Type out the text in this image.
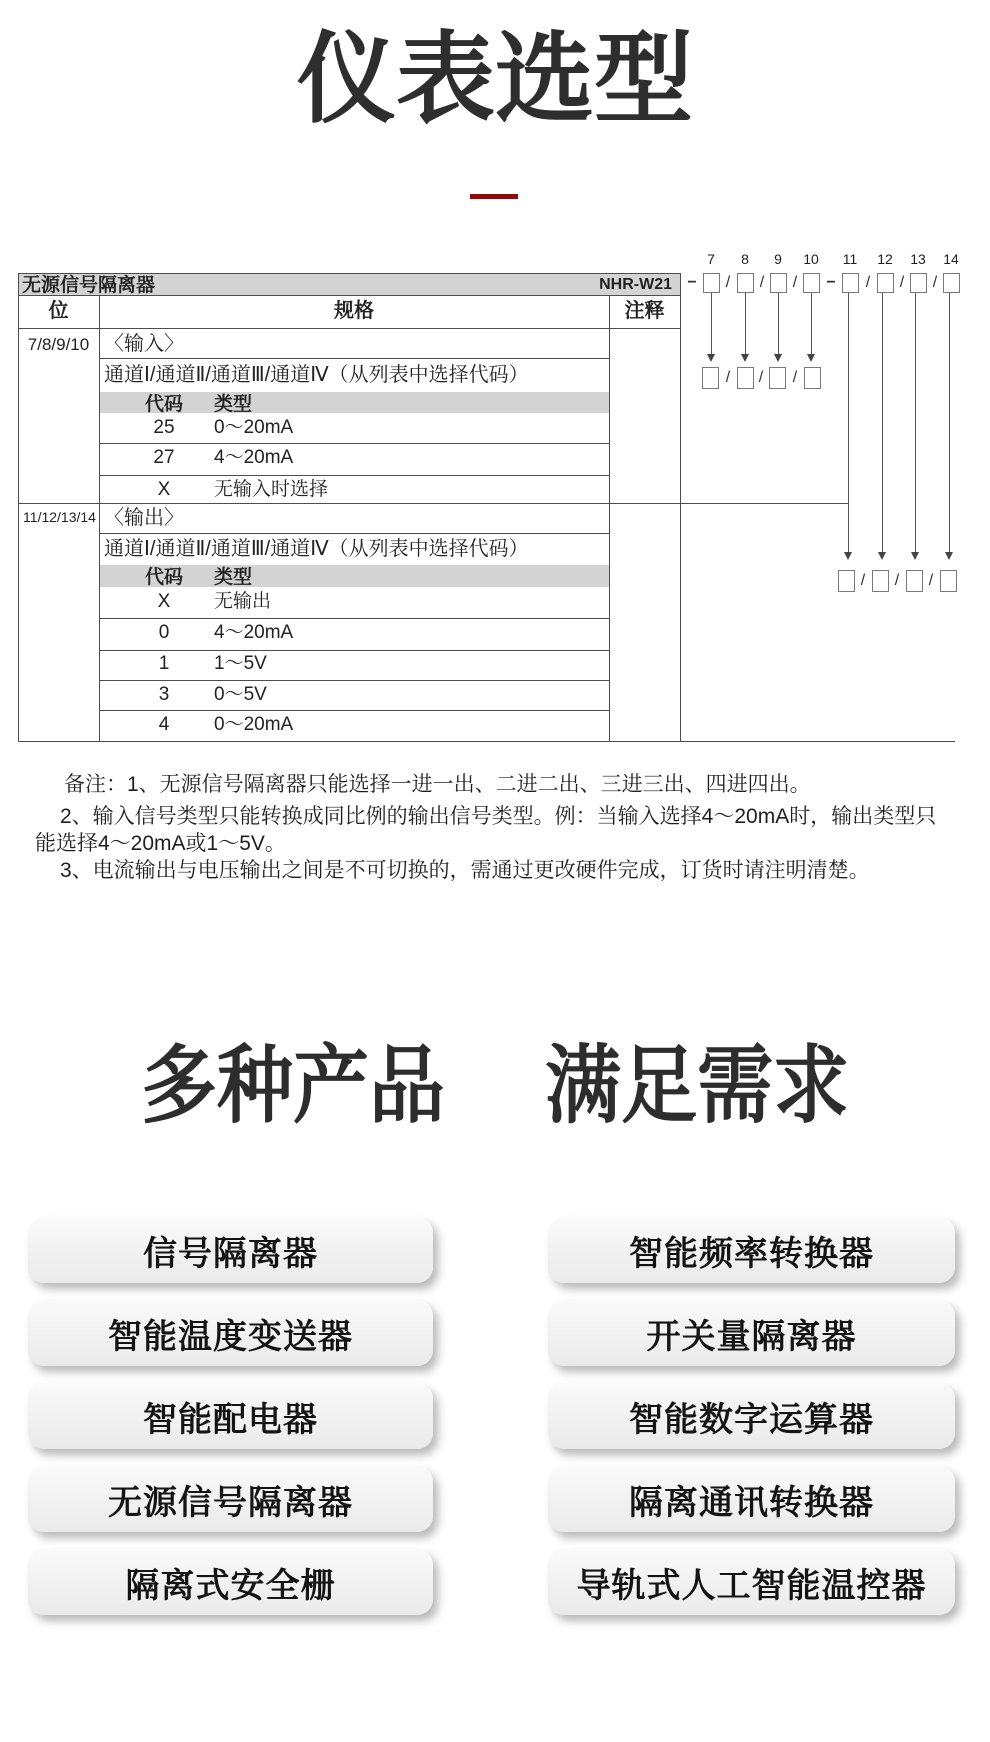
仪表选型
无源信号隔离器	NHR-W21
位	规格	注释
7/8/9/10 〈输入〉
通道Ⅰ/通道Ⅱ/通道Ⅲ/通道Ⅳ（从列表中选择代码）
代码	类型
25	0～20mA
27	4～20mA
X	无输入时选择
11/12/13/14 〈输出〉
通道Ⅰ/通道Ⅱ/通道Ⅲ/通道Ⅳ（从列表中选择代码）
代码	类型
X	无输出
0	4～20mA
1	1～5V
3	0～5V
4	0～20mA
7	8	9	10 11 12 13 14
− / / / − / / /
/ / /
/ / /
备注：1、无源信号隔离器只能选择一进一出、二进二出、三进三出、四进四出。
2、输入信号类型只能转换成同比例的输出信号类型。例：当输入选择4～20mA时，输出类型只
能选择4～20mA或1～5V。
3、电流输出与电压输出之间是不可切换的，需通过更改硬件完成，订货时请注明清楚。
多种产品 满足需求
信号隔离器	智能频率转换器
智能温度变送器	开关量隔离器
智能配电器	智能数字运算器
无源信号隔离器	隔离通讯转换器
隔离式安全栅	导轨式人工智能温控器
